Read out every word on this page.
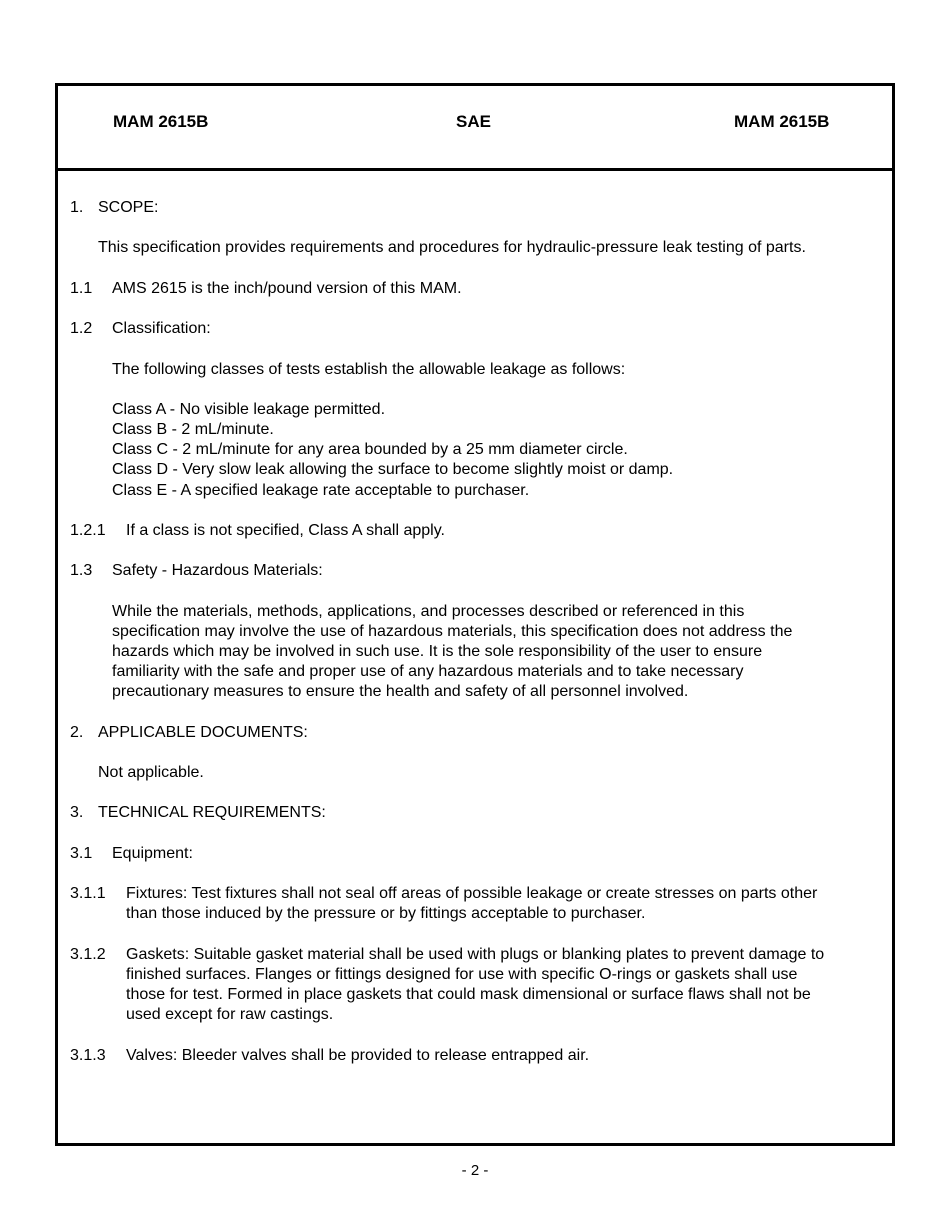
MAM 2615B	SAE	MAM 2615B
1. SCOPE:
This specification provides requirements and procedures for hydraulic-pressure leak testing of parts.
1.1 AMS 2615 is the inch/pound version of this MAM.
1.2 Classification:
The following classes of tests establish the allowable leakage as follows:
Class A - No visible leakage permitted.
Class B - 2 mL/minute.
Class C - 2 mL/minute for any area bounded by a 25 mm diameter circle.
Class D - Very slow leak allowing the surface to become slightly moist or damp.
Class E - A specified leakage rate acceptable to purchaser.
1.2.1 If a class is not specified, Class A shall apply.
1.3 Safety - Hazardous Materials:
While the materials, methods, applications, and processes described or referenced in this
specification may involve the use of hazardous materials, this specification does not address the
hazards which may be involved in such use. It is the sole responsibility of the user to ensure
familiarity with the safe and proper use of any hazardous materials and to take necessary
precautionary measures to ensure the health and safety of all personnel involved.
2. APPLICABLE DOCUMENTS:
Not applicable.
3. TECHNICAL REQUIREMENTS:
3.1 Equipment:
3.1.1 Fixtures: Test fixtures shall not seal off areas of possible leakage or create stresses on parts other
than those induced by the pressure or by fittings acceptable to purchaser.
3.1.2 Gaskets: Suitable gasket material shall be used with plugs or blanking plates to prevent damage to
finished surfaces. Flanges or fittings designed for use with specific O-rings or gaskets shall use
those for test. Formed in place gaskets that could mask dimensional or surface flaws shall not be
used except for raw castings.
3.1.3 Valves: Bleeder valves shall be provided to release entrapped air.
- 2 -
